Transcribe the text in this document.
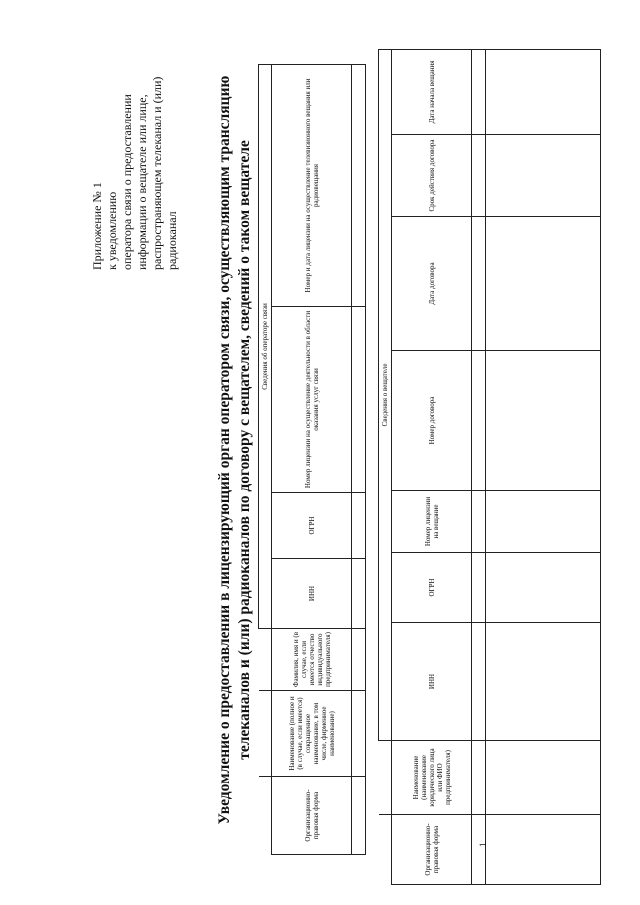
Приложение № 1 к уведомлению оператора связи о предоставлении информации о вещателе или лице, распространяющем телеканал и (или) радиоканал Уведомление о предоставлении в лицензирующий орган оператором связи, осуществляющим трансляцию телеканалов и (или) радиоканалов по договору с вещателем, сведений о таком вещателе
			Сведения об операторе связи			
Организационно-правовая форма	Наименование (полное и (в случае, если имеется) сокращенное наименование, в том числе, фирменное наименование)	Фамилия, имя и (в случае, если имеется отчество индивидуального предпринимателя)	ИНН	ОГРН	Номер лицензии на осуществление деятельности в области оказания услуг связи	Номер и дата лицензии на осуществление телевизионного вещания или радиовещания

		Сведения о вещателе						
Организационно-правовая форма	Наименование (наименование юридического лица или ФИО предпринимателя)	ИНН	ОГРН	Номер лицензии на вещание	Номер договора	Дата договора	Срок действия договора	Дата начала вещания

1
